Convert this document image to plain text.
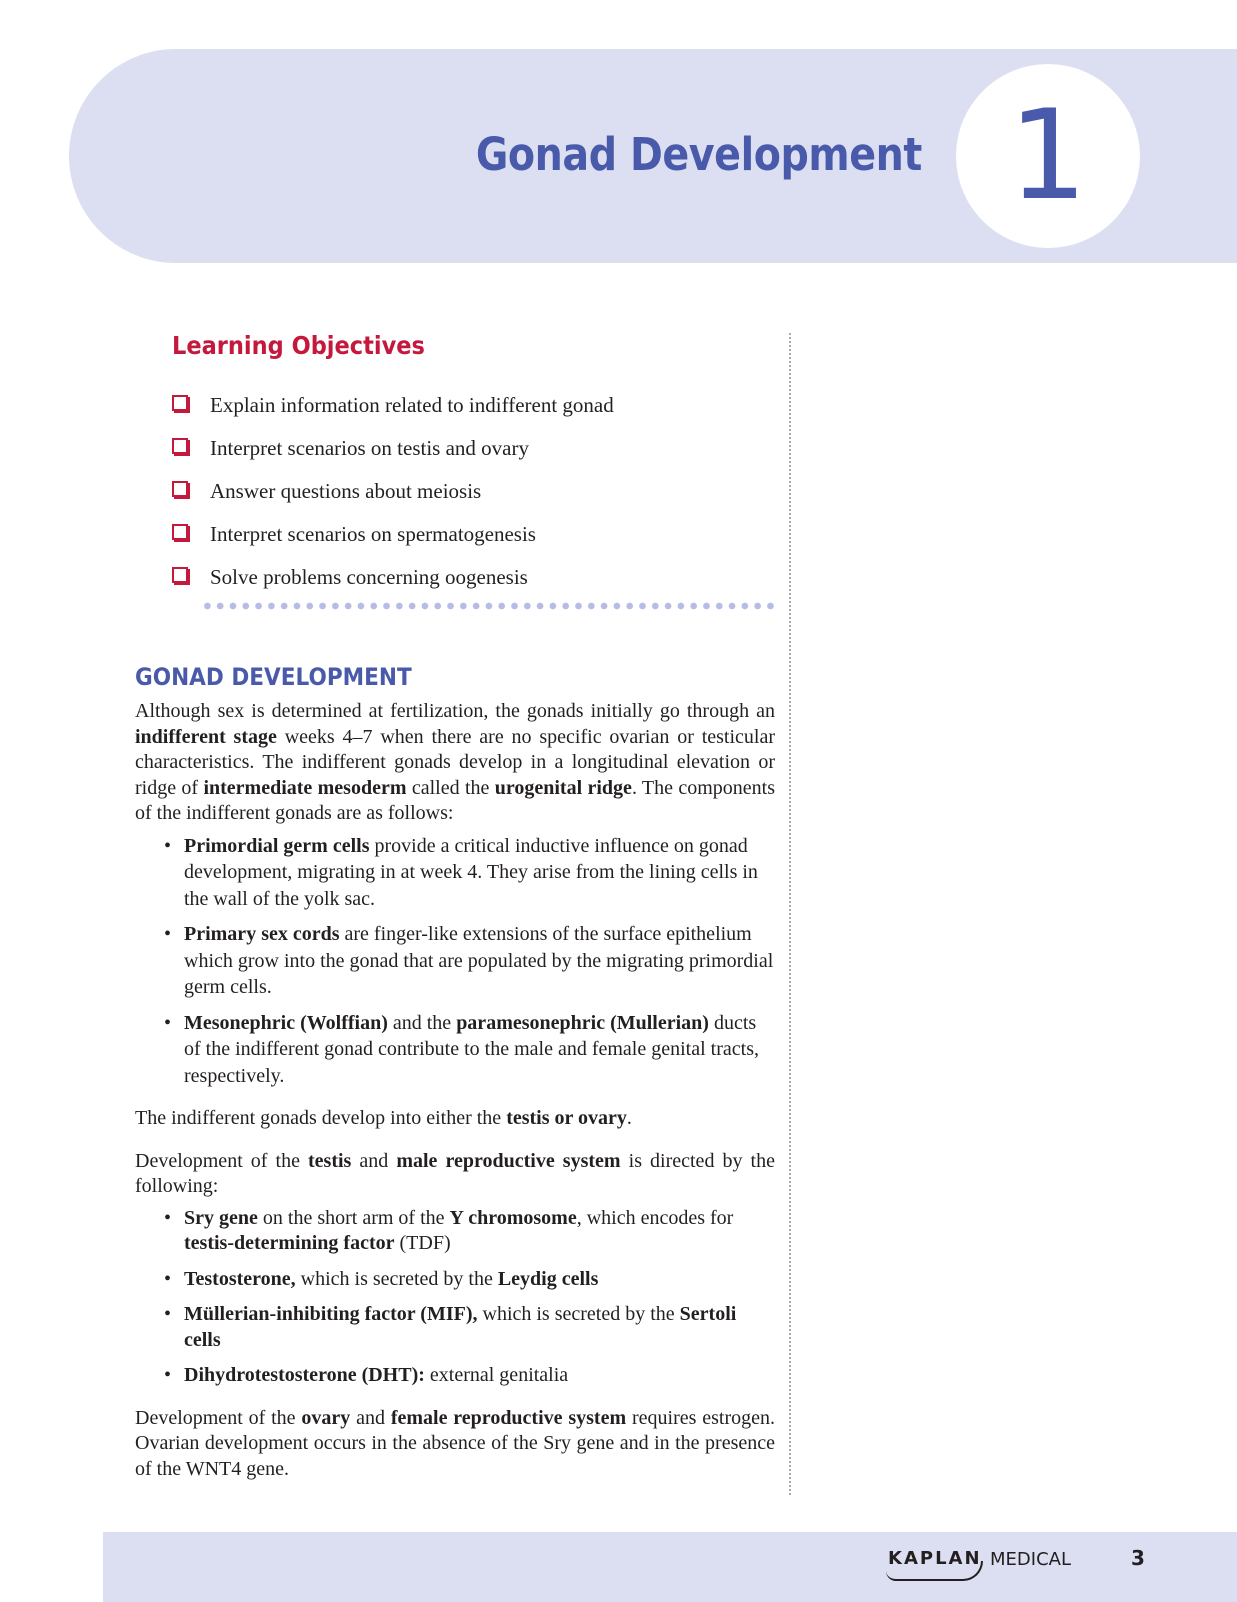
Gonad Development 1
Learning Objectives
Explain information related to indifferent gonad
Interpret scenarios on testis and ovary
Answer questions about meiosis
Interpret scenarios on spermatogenesis
Solve problems concerning oogenesis
GONAD DEVELOPMENT

Although sex is determined at fertilization, the gonads initially go through an indifferent stage weeks 4–7 when there are no specific ovarian or testicular characteristics. The indifferent gonads develop in a longitudinal elevation or ridge of intermediate mesoderm called the urogenital ridge. The components of the indifferent gonads are as follows:

• Primordial germ cells provide a critical inductive influence on gonad development, migrating in at week 4. They arise from the lining cells in the wall of the yolk sac.
• Primary sex cords are finger-like extensions of the surface epithelium which grow into the gonad that are populated by the migrating primordial germ cells.
• Mesonephric (Wolffian) and the paramesonephric (Mullerian) ducts of the indifferent gonad contribute to the male and female genital tracts, respectively.

The indifferent gonads develop into either the testis or ovary.

Development of the testis and male reproductive system is directed by the following:

• Sry gene on the short arm of the Y chromosome, which encodes for testis-determining factor (TDF)
• Testosterone, which is secreted by the Leydig cells
• Müllerian-inhibiting factor (MIF), which is secreted by the Sertoli cells
• Dihydrotestosterone (DHT): external genitalia

Development of the ovary and female reproductive system requires estrogen. Ovarian development occurs in the absence of the Sry gene and in the presence of the WNT4 gene.

KAPLAN MEDICAL	3
